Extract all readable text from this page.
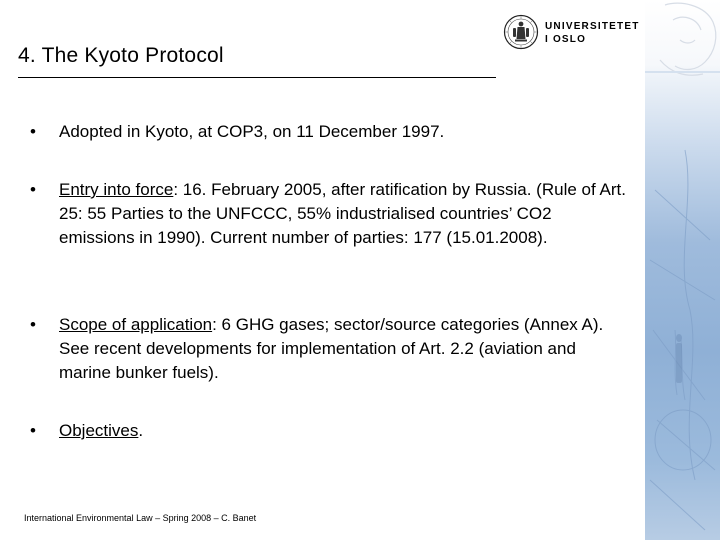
UNIVERSITETET
I OSLO
4. The Kyoto Protocol
•	Adopted in Kyoto, at COP3, on 11 December 1997.
•	Entry into force: 16. February 2005, after ratification by Russia. (Rule of Art. 25: 55 Parties to the UNFCCC, 55% industrialised countries’ CO2 emissions in 1990). Current number of parties: 177 (15.01.2008).
•	Scope of application: 6 GHG gases; sector/source categories (Annex A). See recent developments for implementation of Art. 2.2 (aviation and marine bunker fuels).
•	Objectives.
International Environmental Law – Spring 2008 – C. Banet
